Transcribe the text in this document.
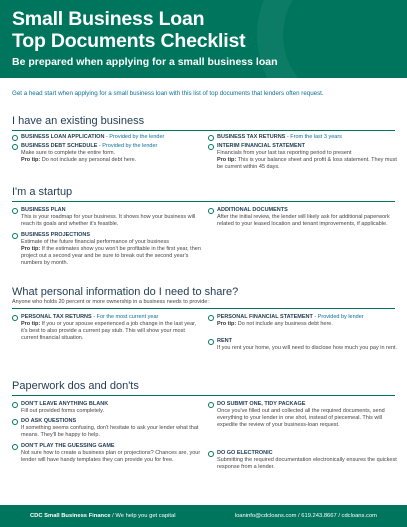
Small Business Loan
Top Documents Checklist
Be prepared when applying for a small business loan
Get a head start when applying for a small business loan with this list of top documents that lenders often request.
I have an existing business
BUSINESS LOAN APPLICATION - Provided by the lender
BUSINESS DEBT SCHEDULE - Provided by the lender
Make sure to complete the entire form.
Pro tip: Do not include any personal debt here.
BUSINESS TAX RETURNS - From the last 3 years
INTERIM FINANCIAL STATEMENT
Financials from your last tax reporting period to present
Pro tip: This is your balance sheet and profit & loss statement. They must be current within 45 days.
I'm a startup
BUSINESS PLAN
This is your roadmap for your business. It shows how your business will reach its goals and whether it's feasible.
BUSINESS PROJECTIONS
Estimate of the future financial performance of your business
Pro tip: If the estimates show you won't be profitable in the first year, then project out a second year and be sure to break out the second year's numbers by month.
ADDITIONAL DOCUMENTS
After the initial review, the lender will likely ask for additional paperwork related to your leased location and tenant improvements, if applicable.
What personal information do I need to share?
Anyone who holds 20 percent or more ownership in a business needs to provide:
PERSONAL TAX RETURNS - For the most current year
Pro tip: If you or your spouse experienced a job change in the last year, it's best to also provide a current pay stub. This will show your most current financial situation.
PERSONAL FINANCIAL STATEMENT - Provided by lender
Pro tip: Do not include any business debt here.
RENT
If you rent your home, you will need to disclose how much you pay in rent.
Paperwork dos and don'ts
DON'T LEAVE ANYTHING BLANK
Fill out provided forms completely.
DO ASK QUESTIONS
If something seems confusing, don't hesitate to ask your lender what that means. They'll be happy to help.
DON'T PLAY THE GUESSING GAME
Not sure how to create a business plan or projections? Chances are, your lender will have handy templates they can provide you for free.
DO SUBMIT ONE, TIDY PACKAGE
Once you've filled out and collected all the required documents, send everything to your lender in one shot, instead of piecemeal. This will expedite the review of your business-loan request.
DO GO ELECTRONIC
Submitting the required documentation electronically ensures the quickest response from a lender.
CDC Small Business Finance / We help you get capital	loaninfo@cdcloans.com / 619.243.8667 / cdcloans.com
